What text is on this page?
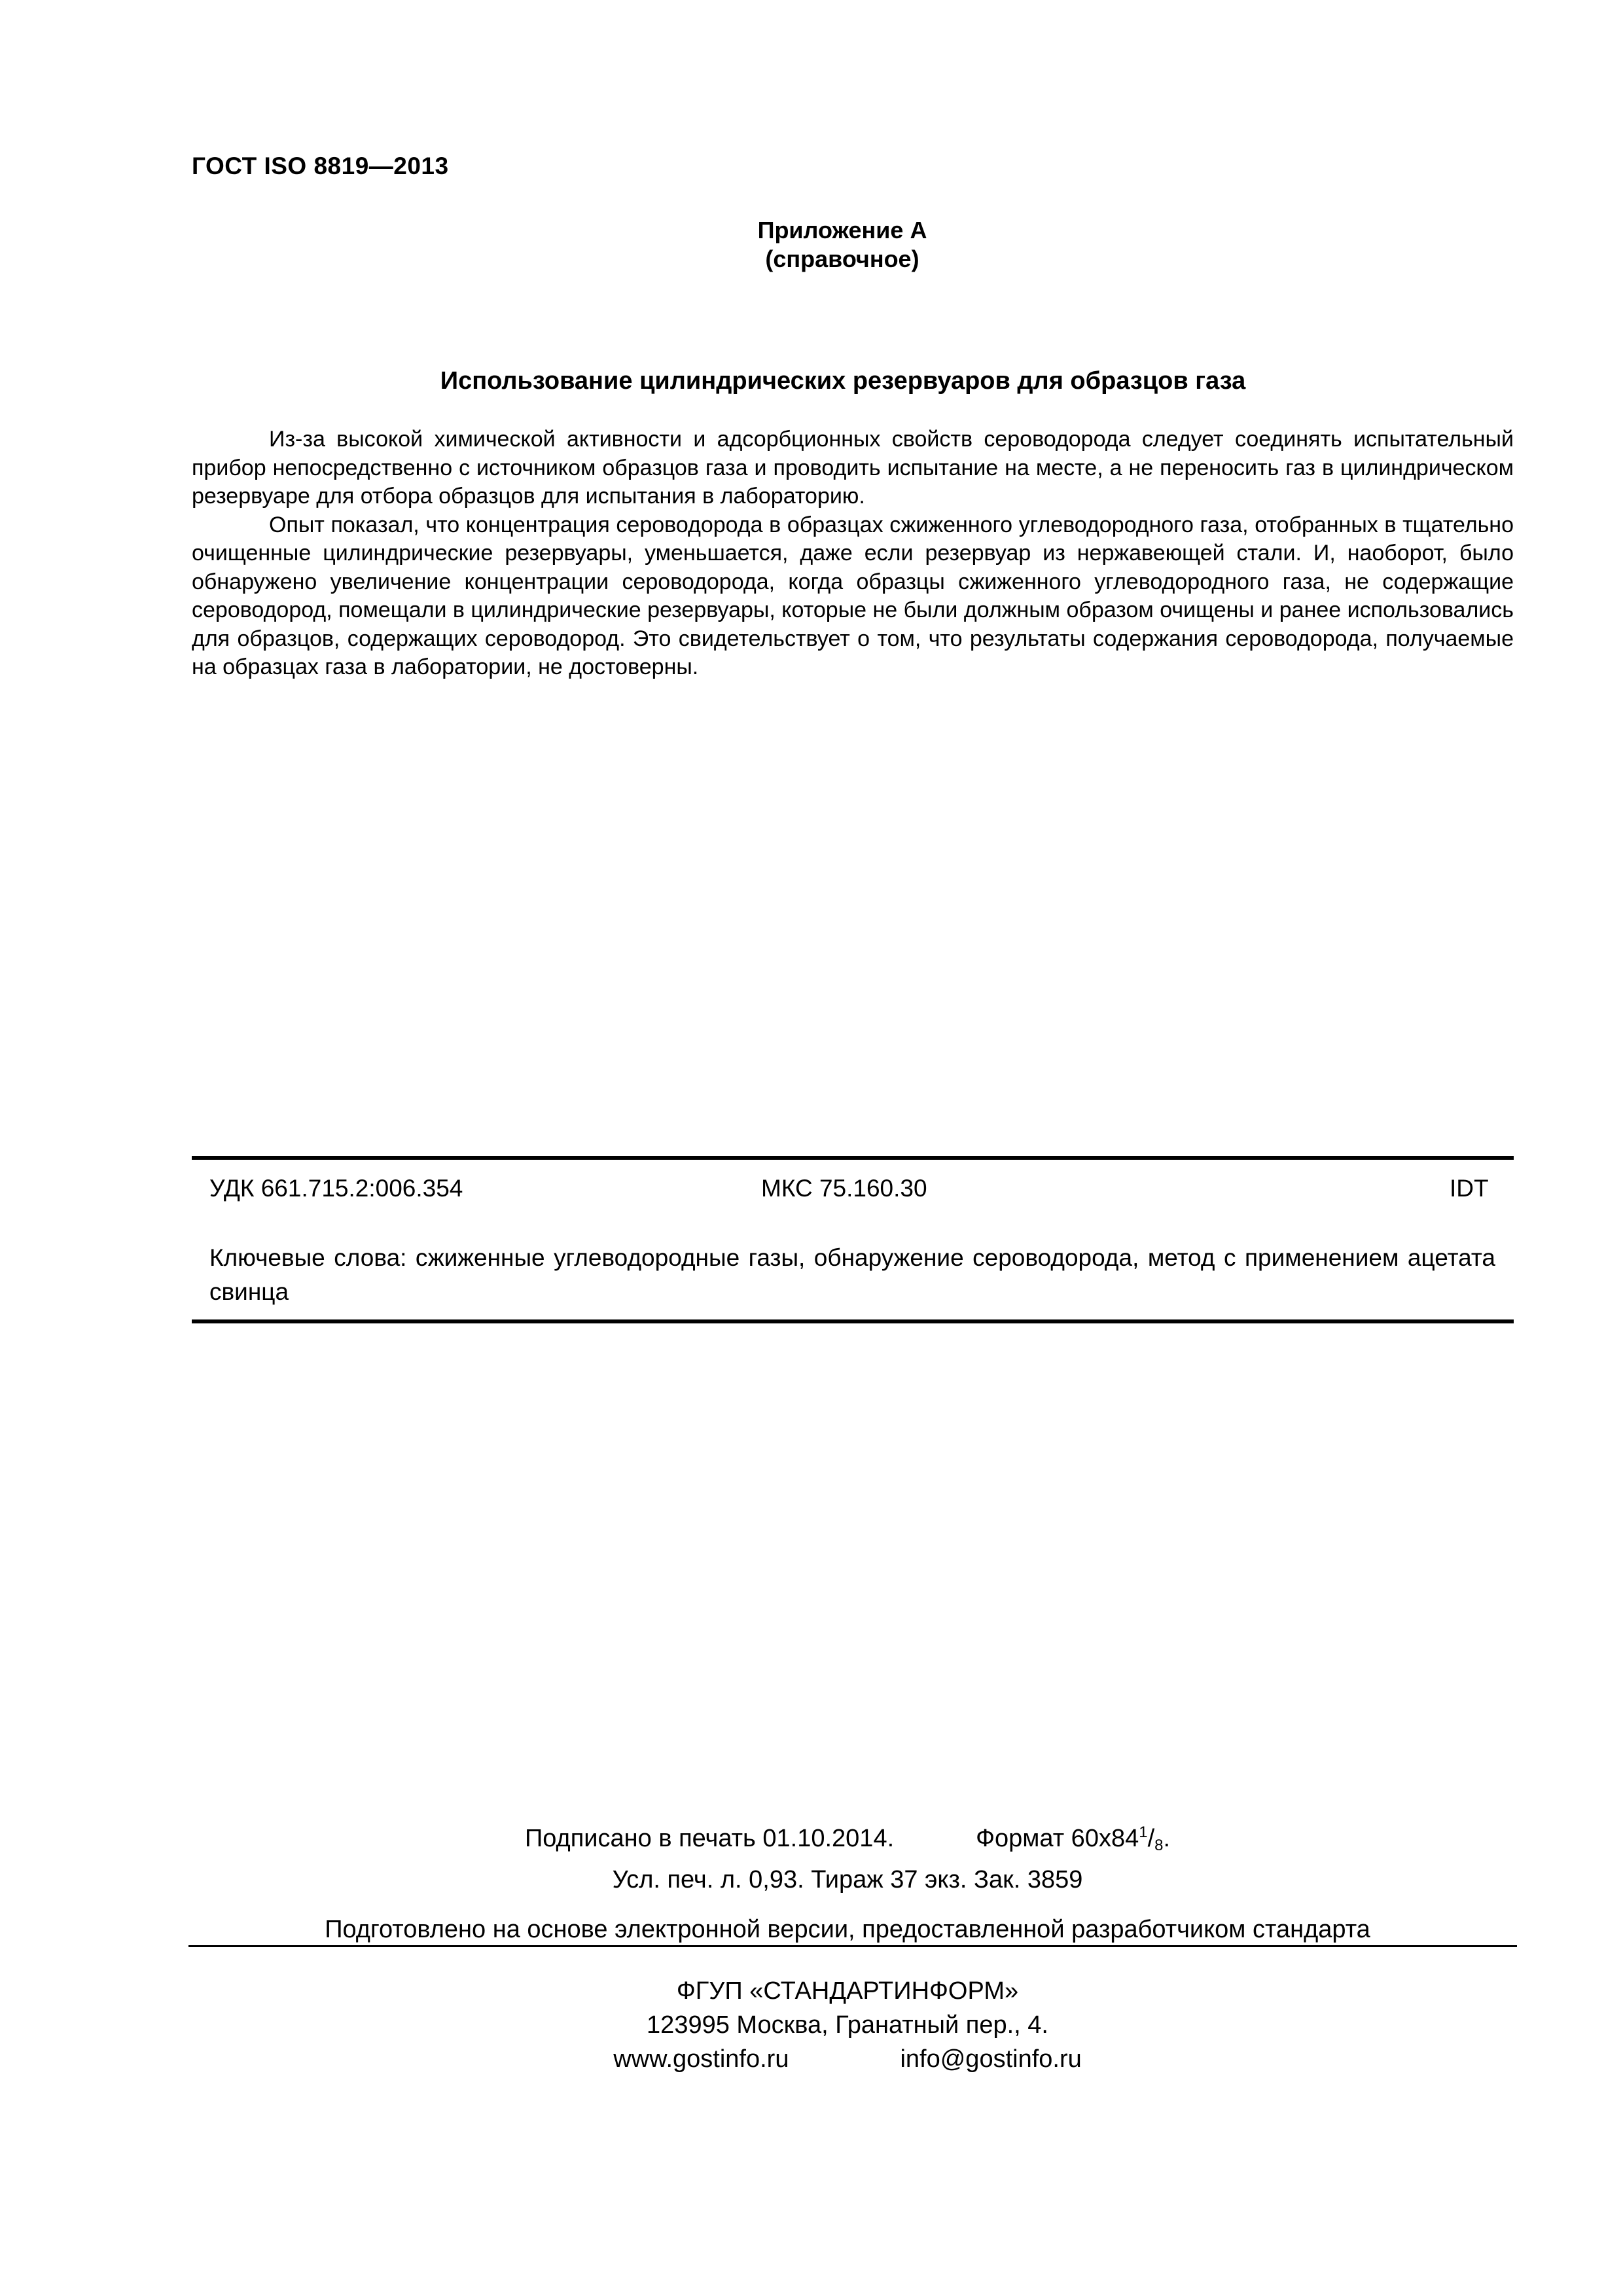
ГОСТ ISO 8819—2013
Приложение А
(справочное)
Использование цилиндрических резервуаров для образцов газа

Из-за высокой химической активности и адсорбционных свойств сероводорода следует соединять испытательный прибор непосредственно с источником образцов газа и проводить испытание на месте, а не переносить газ в цилиндрическом резервуаре для отбора образцов для испытания в лабораторию.

Опыт показал, что концентрация сероводорода в образцах сжиженного углеводородного газа, отобранных в тщательно очищенные цилиндрические резервуары, уменьшается, даже если резервуар из нержавеющей стали. И, наоборот, было обнаружено увеличение концентрации сероводорода, когда образцы сжиженного углеводородного газа, не содержащие сероводород, помещали в цилиндрические резервуары, которые не были должным образом очищены и ранее использовались для образцов, содержащих сероводород. Это свидетельствует о том, что результаты содержания сероводорода, получаемые на образцах газа в лаборатории, не достоверны.

УДК 661.715.2:006.354	МКС 75.160.30	IDT
Ключевые слова: сжиженные углеводородные газы, обнаружение сероводорода, метод с применением ацетата свинца
Подписано в печать 01.10.2014.	Формат $60х84^1/_8$.
Усл. печ. л. 0,93. Тираж 37 экз. Зак. 3859
Подготовлено на основе электронной версии, предоставленной разработчиком стандарта
ФГУП «СТАНДАРТИНФОРМ»
123995 Москва, Гранатный пер., 4.
www.gostinfo.ru	info@gostinfo.ru
